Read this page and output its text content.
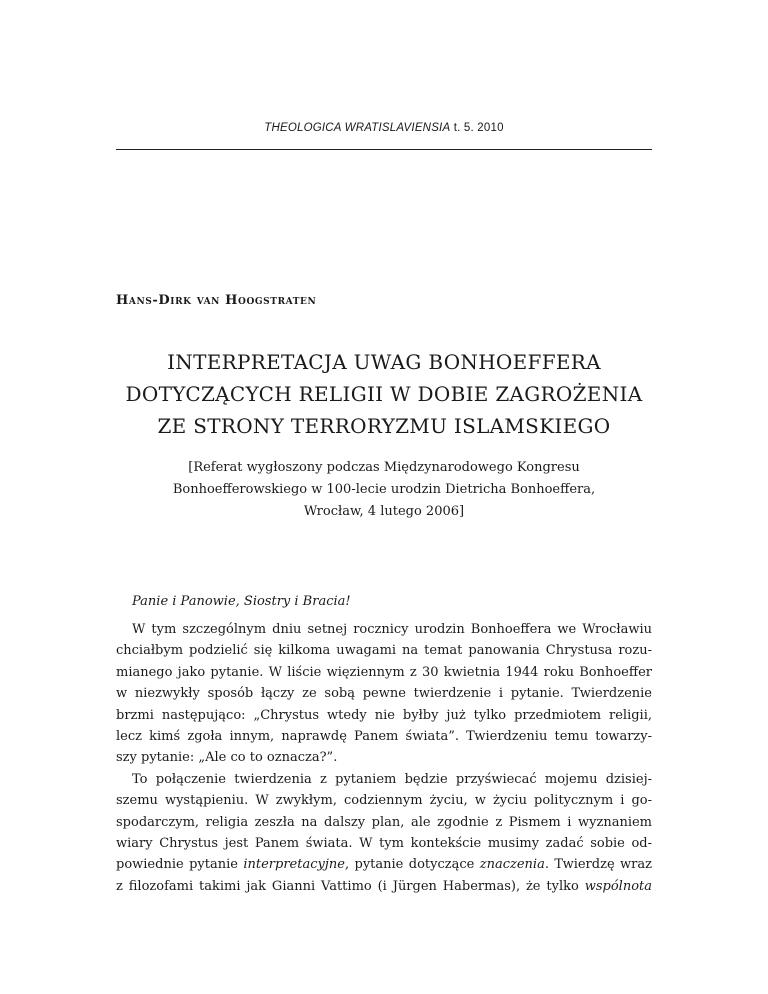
THEOLOGICA WRATISLAVIENSIA t. 5. 2010
Hans-Dirk van Hoogstraten
INTERPRETACJA UWAG BONHOEFFERA
DOTYCZĄCYCH RELIGII W DOBIE ZAGROŻENIA
ZE STRONY TERRORYZMU ISLAMSKIEGO
[Referat wygłoszony podczas Międzynarodowego Kongresu
Bonhoefferowskiego w 100-lecie urodzin Dietricha Bonhoeffera,
Wrocław, 4 lutego 2006]
Panie i Panowie, Siostry i Bracia!
W tym szczególnym dniu setnej rocznicy urodzin Bonhoeffera we Wrocławiu
chciałbym podzielić się kilkoma uwagami na temat panowania Chrystusa rozu-
mianego jako pytanie. W liście więziennym z 30 kwietnia 1944 roku Bonhoeffer
w niezwykły sposób łączy ze sobą pewne twierdzenie i pytanie. Twierdzenie
brzmi następująco: „Chrystus wtedy nie byłby już tylko przedmiotem religii,
lecz kimś zgoła innym, naprawdę Panem świata”. Twierdzeniu temu towarzy-
szy pytanie: „Ale co to oznacza?”.
To połączenie twierdzenia z pytaniem będzie przyświecać mojemu dzisiej-
szemu wystąpieniu. W zwykłym, codziennym życiu, w życiu politycznym i go-
spodarczym, religia zeszła na dalszy plan, ale zgodnie z Pismem i wyznaniem
wiary Chrystus jest Panem świata. W tym kontekście musimy zadać sobie od-
powiednie pytanie interpretacyjne, pytanie dotyczące znaczenia. Twierdzę wraz
z filozofami takimi jak Gianni Vattimo (i Jürgen Habermas), że tylko wspólnota
